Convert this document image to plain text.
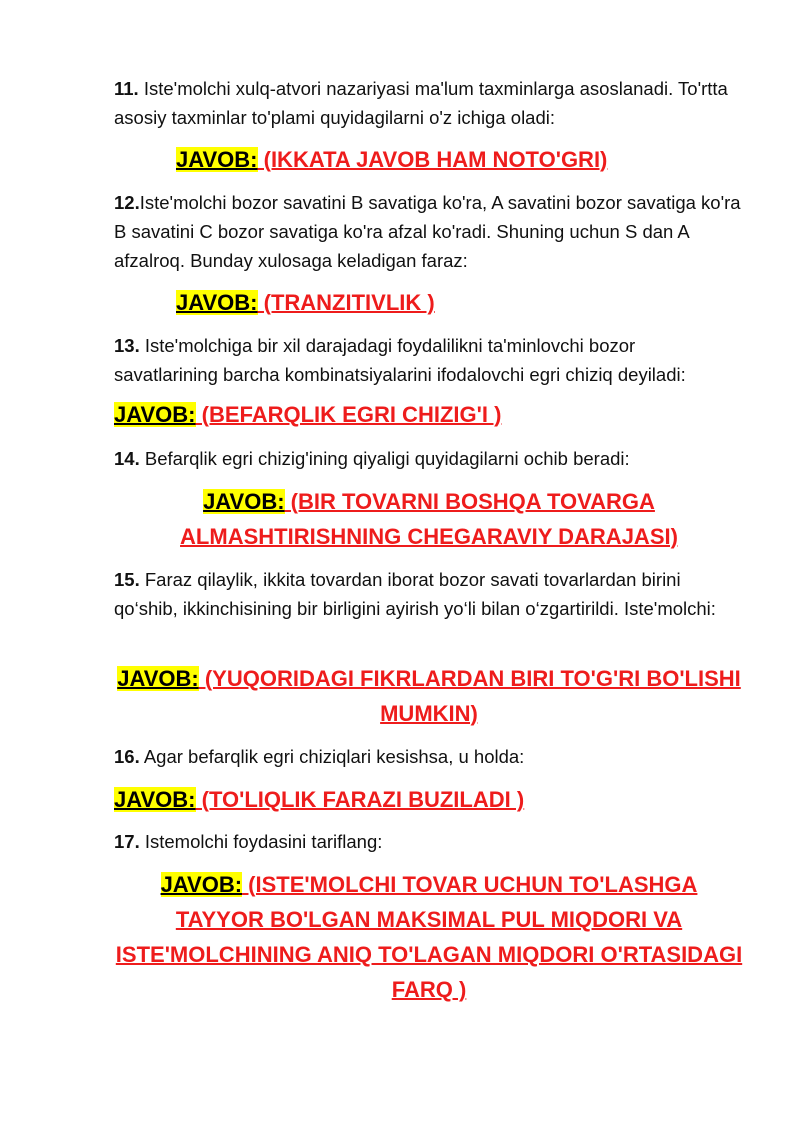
11. Iste'molchi xulq-atvori nazariyasi ma'lum taxminlarga asoslanadi. To'rtta asosiy taxminlar to'plami quyidagilarni o'z ichiga oladi:

JAVOB: (IKKATA JAVOB HAM NOTO'GRI)

12.Iste'molchi bozor savatini B savatiga ko'ra, A savatini bozor savatiga ko'ra B savatini C bozor savatiga ko'ra afzal ko'radi. Shuning uchun S dan A afzalroq. Bunday xulosaga keladigan faraz:

JAVOB: (TRANZITIVLIK )

13. Iste'molchiga bir xil darajadagi foydalilikni ta'minlovchi bozor savatlarining barcha kombinatsiyalarini ifodalovchi egri chiziq deyiladi:

JAVOB: (BEFARQLIK EGRI CHIZIG'I )

14. Befarqlik egri chizig'ining qiyaligi quyidagilarni ochib beradi:

JAVOB: (BIR TOVARNI BOSHQA TOVARGA ALMASHTIRISHNING CHEGARAVIY DARAJASI)

15. Faraz qilaylik, ikkita tovardan iborat bozor savati tovarlardan birini qo‘shib, ikkinchisining bir birligini ayirish yo‘li bilan o‘zgartirildi. Iste'molchi:

JAVOB: (YUQORIDAGI FIKRLARDAN BIRI TO'G'RI BO'LISHI MUMKIN)

16. Agar befarqlik egri chiziqlari kesishsa, u holda:

JAVOB: (TO'LIQLIK FARAZI BUZILADI )

17. Istemolchi foydasini tariflang:

JAVOB: (ISTE'MOLCHI TOVAR UCHUN TO'LASHGA TAYYOR BO'LGAN MAKSIMAL PUL MIQDORI VA ISTE'MOLCHINING ANIQ TO'LAGAN MIQDORI O'RTASIDAGI FARQ )
